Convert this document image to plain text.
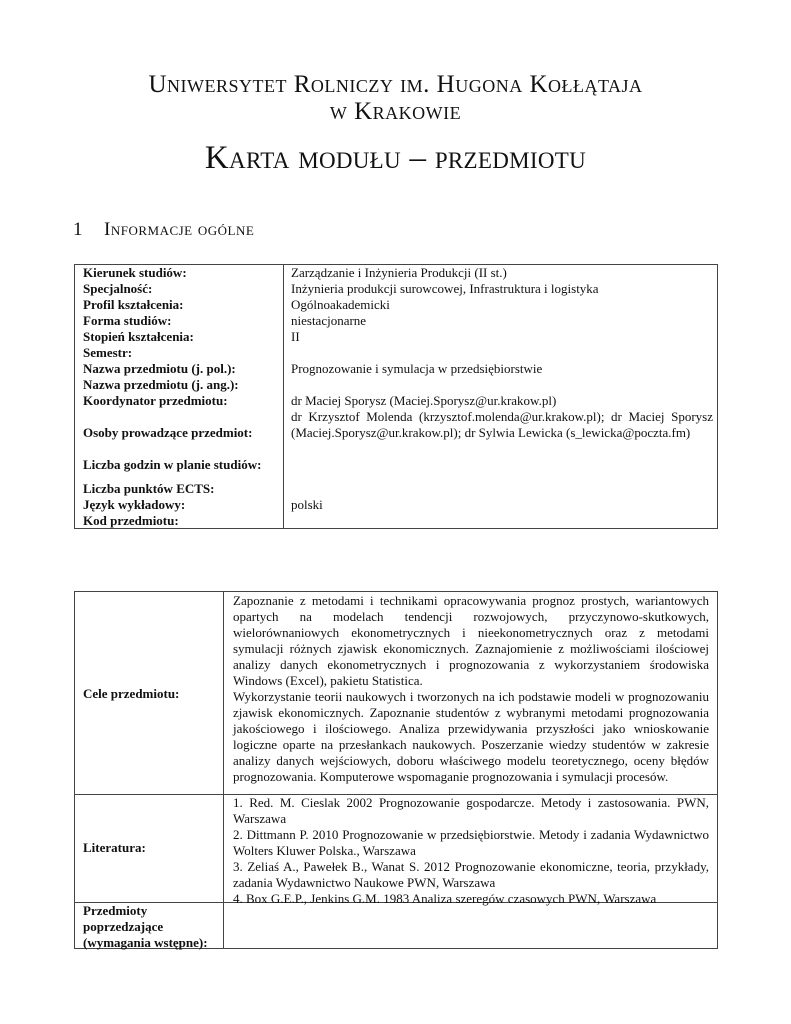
Uniwersytet Rolniczy im. Hugona Kołłątaja
w Krakowie
Karta modułu – przedmiotu
1 Informacje ogólne
Kierunek studiów:	Zarządzanie i Inżynieria Produkcji (II st.)
Specjalność:	Inżynieria produkcji surowcowej, Infrastruktura i logistyka
Profil kształcenia:	Ogólnoakademicki
Forma studiów:	niestacjonarne
Stopień kształcenia:	II
Semestr:
Nazwa przedmiotu (j. pol.):	Prognozowanie i symulacja w przedsiębiorstwie
Nazwa przedmiotu (j. ang.):
Koordynator przedmiotu:	dr Maciej Sporysz (Maciej.Sporysz@ur.krakow.pl)
Osoby prowadzące przedmiot:
dr Krzysztof Molenda (krzysztof.molenda@ur.krakow.pl); dr Maciej Sporysz (Maciej.Sporysz@ur.krakow.pl); dr Sylwia Lewicka (s_lewicka@poczta.fm)
Liczba godzin w planie studiów:
Liczba punktów ECTS:
Język wykładowy:	polski
Kod przedmiotu:
Cele przedmiotu:
Zapoznanie z metodami i technikami opracowywania prognoz prostych, wariantowych opartych na modelach tendencji rozwojowych, przyczynowo-skutkowych, wielorównaniowych ekonometrycznych i nieekonometrycznych oraz z metodami symulacji różnych zjawisk ekonomicznych. Zaznajomienie z możliwościami ilościowej analizy danych ekonometrycznych i prognozowania z wykorzystaniem środowiska Windows (Excel), pakietu Statistica.
Wykorzystanie teorii naukowych i tworzonych na ich podstawie modeli w prognozowaniu zjawisk ekonomicznych. Zapoznanie studentów z wybranymi metodami prognozowania jakościowego i ilościowego. Analiza przewidywania przyszłości jako wnioskowanie logiczne oparte na przesłankach naukowych. Poszerzanie wiedzy studentów w zakresie analizy danych wejściowych, doboru właściwego modelu teoretycznego, oceny błędów prognozowania. Komputerowe wspomaganie prognozowania i symulacji procesów.
Literatura:
1. Red. M. Cieslak 2002 Prognozowanie gospodarcze. Metody i zastosowania. PWN, Warszawa
2. Dittmann P. 2010 Prognozowanie w przedsiębiorstwie. Metody i zadania Wydawnictwo Wolters Kluwer Polska., Warszawa
3. Zeliaś A., Pawełek B., Wanat S. 2012 Prognozowanie ekonomiczne, teoria, przykłady, zadania Wydawnictwo Naukowe PWN, Warszawa
4. Box G.E.P., Jenkins G.M. 1983 Analiza szeregów czasowych PWN, Warszawa
Przedmioty poprzedzające (wymagania wstępne):
